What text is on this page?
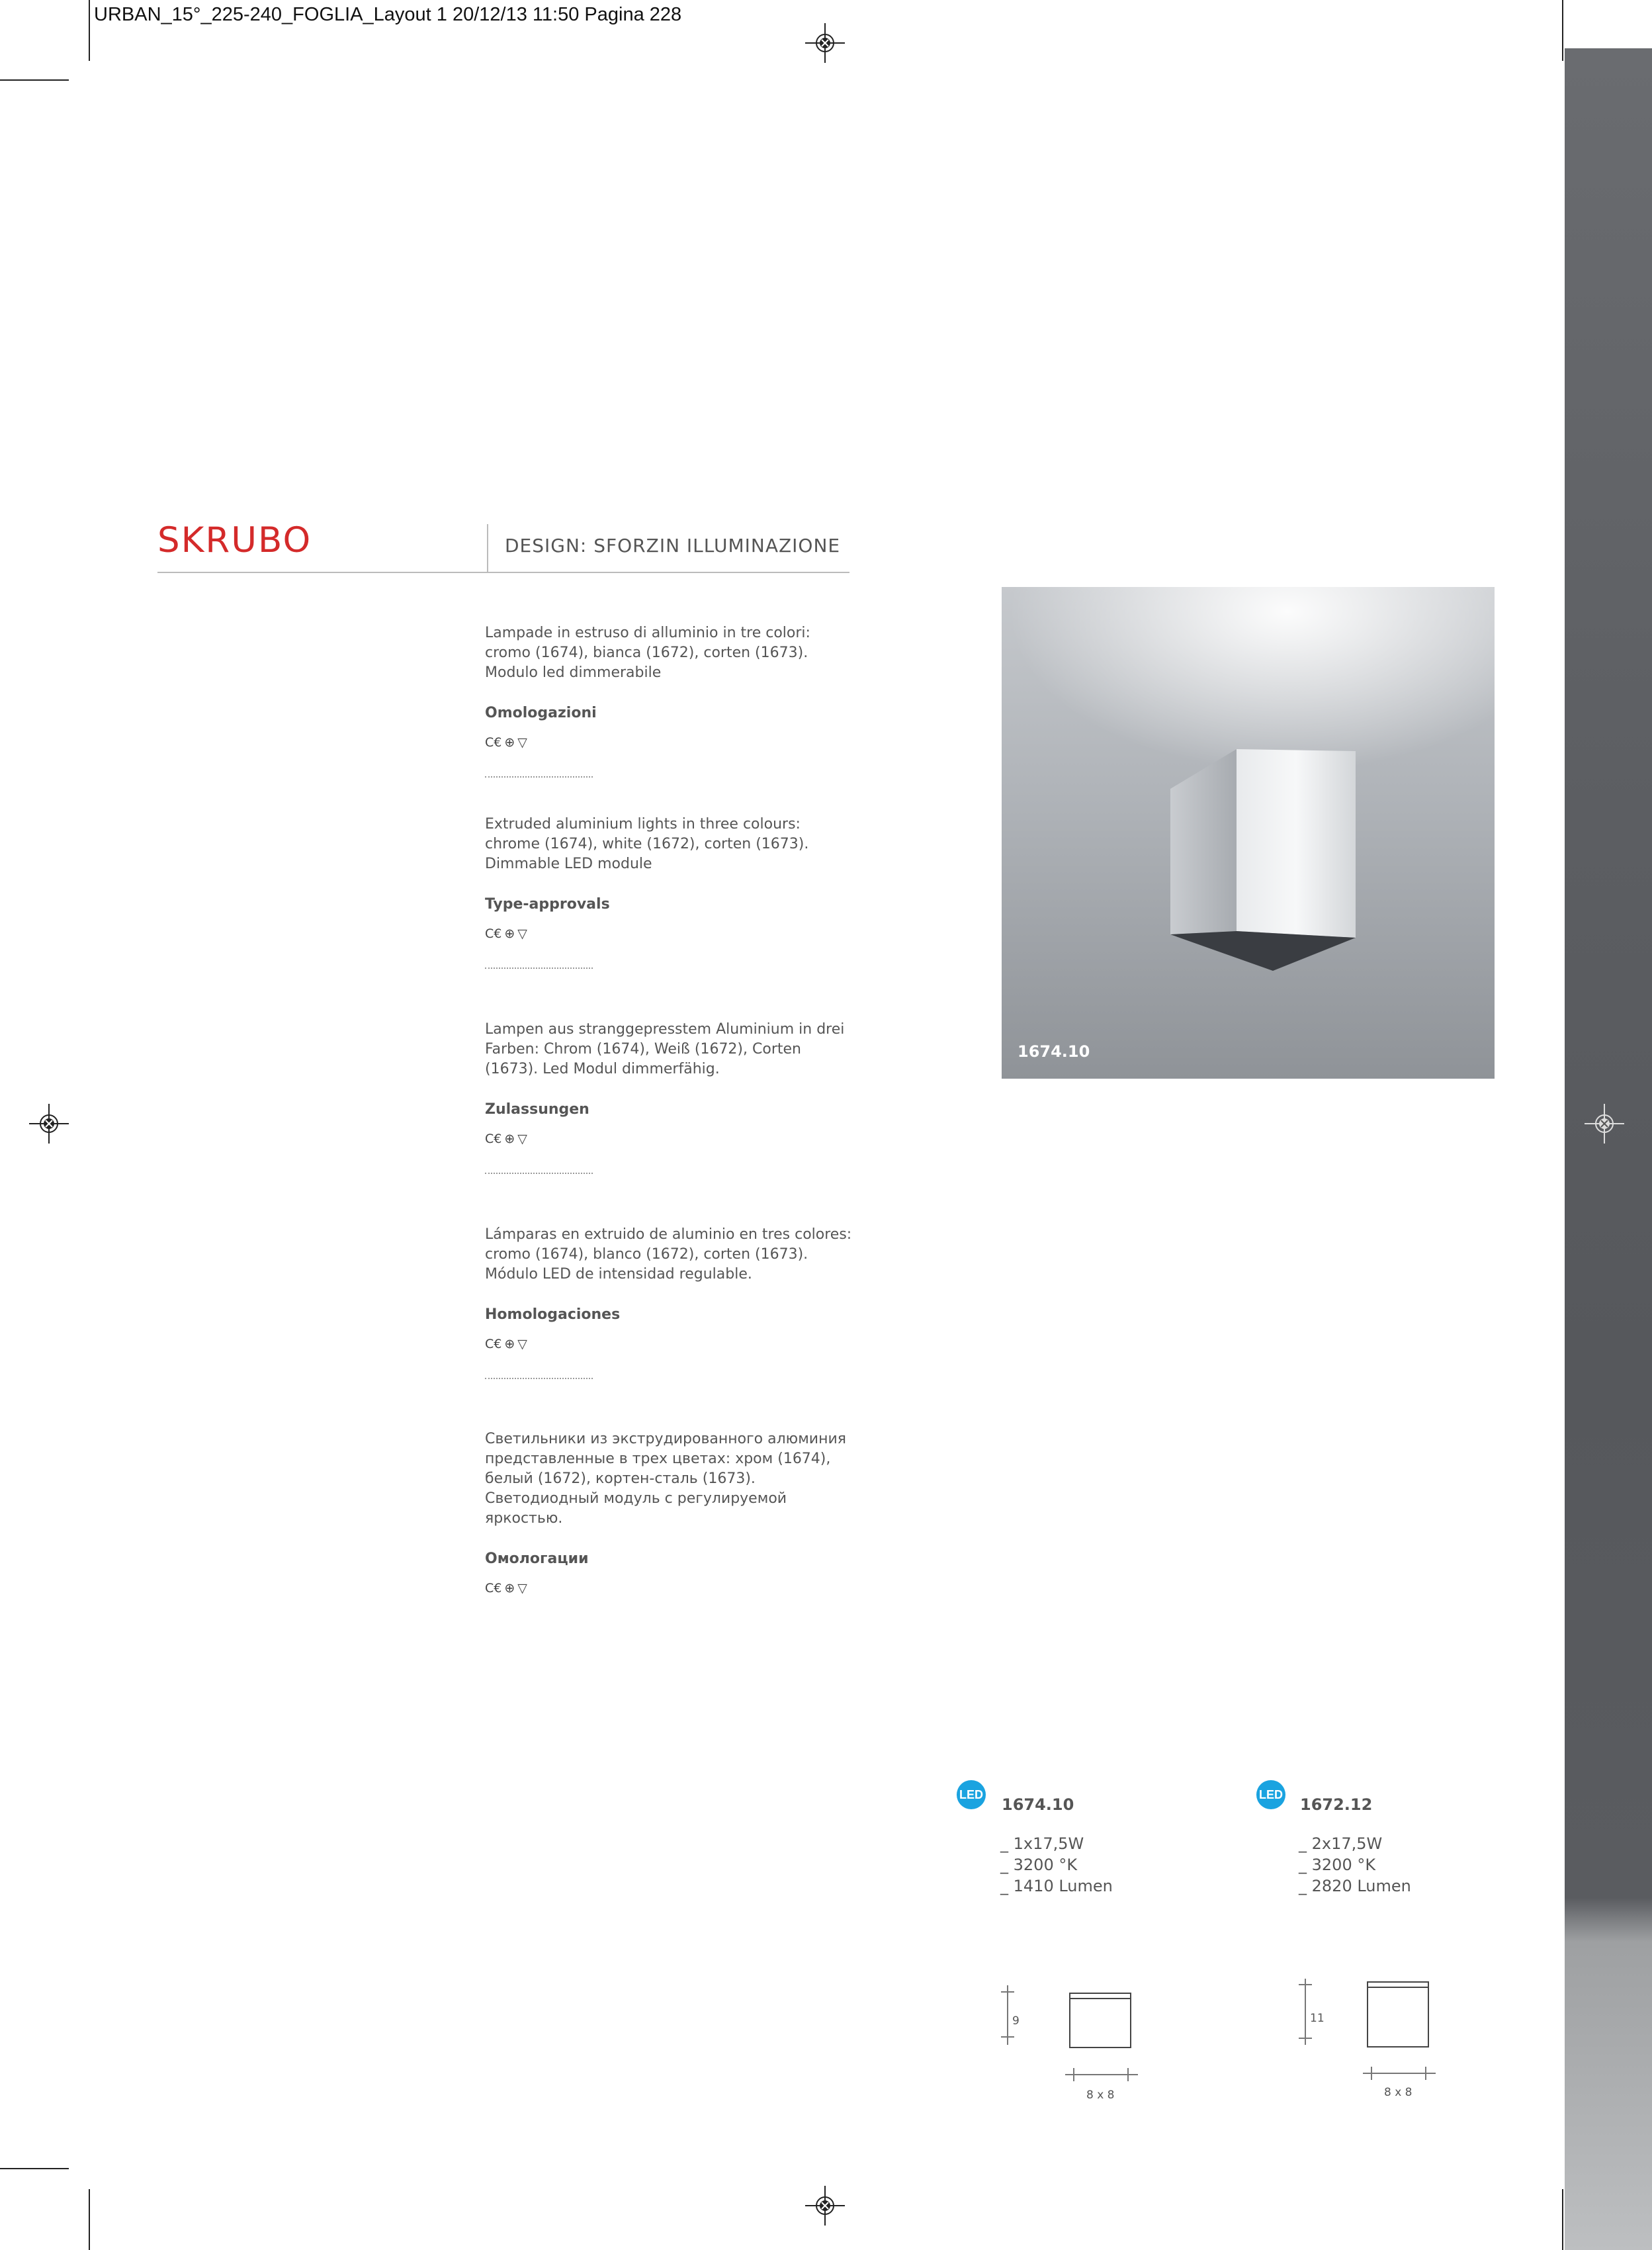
URBAN_15°_225-240_FOGLIA_Layout 1 20/12/13 11:50 Pagina 228
SKRUBO	DESIGN: SFORZIN ILLUMINAZIONE

Lampade in estruso di alluminio in tre colori: cromo (1674), bianca (1672), corten (1673). Modulo led dimmerabile

Omologazioni
C€ ⊕ ▽

Extruded aluminium lights in three colours: chrome (1674), white (1672), corten (1673). Dimmable LED module

Type-approvals
C€ ⊕ ▽

Lampen aus stranggepresstem Aluminium in drei Farben: Chrom (1674), Weiß (1672), Corten (1673). Led Modul dimmerfähig.

Zulassungen
C€ ⊕ ▽

Lámparas en extruido de aluminio en tres colores: cromo (1674), blanco (1672), corten (1673). Módulo LED de intensidad regulable.

Homologaciones
C€ ⊕ ▽

Светильники из экструдированного алюминия представленные в трех цветах: хром (1674), белый (1672), кортен-сталь (1673). Светодиодный модуль с регулируемой яркостью.

Омологации
C€ ⊕ ▽
1674.10
LED
1674.10

_ 1x17,5W

_ 3200 °K

_ 1410 Lumen

9
8 x 8
LED
1672.12

_ 2x17,5W

_ 3200 °K

_ 2820 Lumen

11
8 x 8
